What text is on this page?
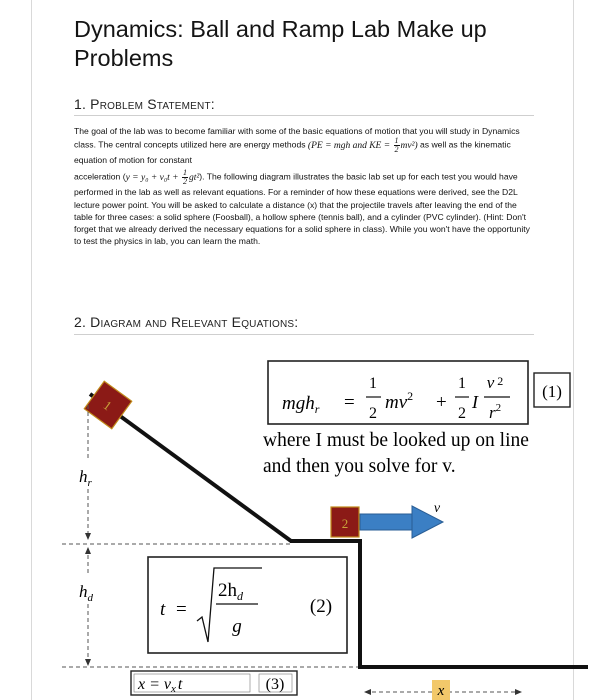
Dynamics: Ball and Ramp Lab Make up Problems
1. Problem Statement:

The goal of the lab was to become familiar with some of the basic equations of motion that you will study in Dynamics class. The central concepts utilized here are energy methods (PE = mgh and KE = $\frac{1}{2} mv^2$) as well as the kinematic equation of motion for constant

acceleration $(y = y_0 + v_0t + \frac{1}{2} gt^2)$. The following diagram illustrates the basic lab set up for each test you would have performed in the lab as well as relevant equations. For a reminder of how these equations were derived, see the D2L lecture power point. You will be asked to calculate a distance (x) that the projectile travels after leaving the end of the table for three cases: a solid sphere (Foosball), a hollow sphere (tennis ball), and a cylinder (PVC cylinder). (Hint: Don't forget that we already derived the necessary equations for a solid sphere in class). While you won't have the opportunity to test the physics in lab, you can learn the math.

2. Diagram and Relevant Equations:
1
2
v
$h_r$
$h_d$
mgh$_r$ =
1
2
$mv^2$ +
1
2
I
v 2
$r^2$
(1)
where I must be looked up on line
and then you solve for v.
t =
$2h_d$
g
(2)
x = vx t	(3)	x
